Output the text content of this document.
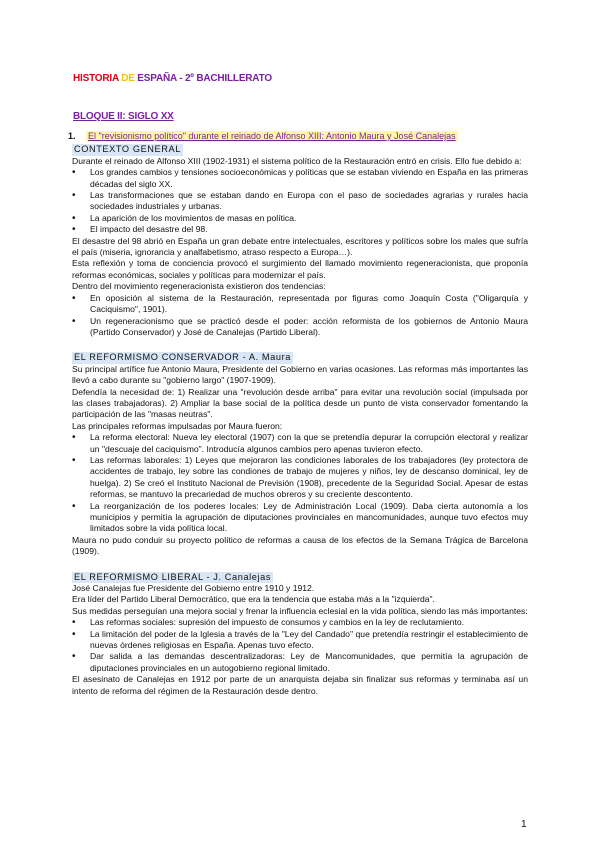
HISTORIA DE ESPAÑA - 2º BACHILLERATO
BLOQUE II: SIGLO XX
1.	El "revisionismo político" durante el reinado de Alfonso XIII: Antonio Maura y José Canalejas
CONTEXTO GENERAL

Durante el reinado de Alfonso XIII (1902-1931) el sistema político de la Restauración entró en crisis. Ello fue debido a:

• Los grandes cambios y tensiones socioeconómicas y políticas que se estaban viviendo en España en las primeras décadas del siglo XX.
• Las transformaciones que se estaban dando en Europa con el paso de sociedades agrarias y rurales hacia sociedades industriales y urbanas.
• La aparición de los movimientos de masas en política.
• El impacto del desastre del 98.

El desastre del 98 abrió en España un gran debate entre intelectuales, escritores y políticos sobre los males que sufría el país (miseria, ignorancia y analfabetismo, atraso respecto a Europa…).

Esta reflexión y toma de conciencia provocó el surgimiento del llamado movimiento regeneracionista, que proponía reformas económicas, sociales y políticas para modernizar el país.

Dentro del movimiento regeneracionista existieron dos tendencias:

• En oposición al sistema de la Restauración, representada por figuras como Joaquín Costa ("Oligarquía y Caciquismo", 1901).
• Un regeneracionismo que se practicó desde el poder: acción reformista de los gobiernos de Antonio Maura (Partido Conservador) y José de Canalejas (Partido Liberal).
EL REFORMISMO CONSERVADOR - A. Maura

Su principal artífice fue Antonio Maura, Presidente del Gobierno en varias ocasiones. Las reformas más importantes las llevó a cabo durante su "gobierno largo" (1907-1909).

Defendía la necesidad de: 1) Realizar una "revolución desde arriba" para evitar una revolución social (impulsada por las clases trabajadoras). 2) Ampliar la base social de la política desde un punto de vista conservador fomentando la participación de las "masas neutras".

Las principales reformas impulsadas por Maura fueron:

• La reforma electoral: Nueva ley electoral (1907) con la que se pretendía depurar la corrupción electoral y realizar un "descuaje del caciquismo". Introducía algunos cambios pero apenas tuvieron efecto.
• Las reformas laborales: 1) Leyes que mejoraron las condiciones laborales de los trabajadores (ley protectora de accidentes de trabajo, ley sobre las condiones de trabajo de mujeres y niños, ley de descanso dominical, ley de huelga). 2) Se creó el Instituto Nacional de Previsión (1908), precedente de la Seguridad Social. Apesar de estas reformas, se mantuvo la precariedad de muchos obreros y su creciente descontento.
• La reorganización de los poderes locales: Ley de Administración Local (1909). Daba cierta autonomía a los municipios y permitía la agrupación de diputaciones provinciales en mancomunidades, aunque tuvo efectos muy limitados sobre la vida política local.

Maura no pudo conduir su proyecto político de reformas a causa de los efectos de la Semana Trágica de Barcelona (1909).

EL REFORMISMO LIBERAL - J. Canalejas

José Canalejas fue Presidente del Gobierno entre 1910 y 1912.

Era líder del Partido Liberal Democrático, que era la tendencia que estaba más a la "izquierda".

Sus medidas perseguían una mejora social y frenar la influencia eclesial en la vida política, siendo las más importantes:

• Las reformas sociales: supresión del impuesto de consumos y cambios en la ley de reclutamiento.
• La limitación del poder de la Iglesia a través de la "Ley del Candado" que pretendía restringir el establecimiento de nuevas órdenes religiosas en España. Apenas tuvo efecto.
• Dar salida a las demandas descentralizadoras: Ley de Mancomunidades, que permitía la agrupación de diputaciones provinciales en un autogobierno regional limitado.

El asesinato de Canalejas en 1912 por parte de un anarquista dejaba sin finalizar sus reformas y terminaba así un intento de reforma del régimen de la Restauración desde dentro.

1
